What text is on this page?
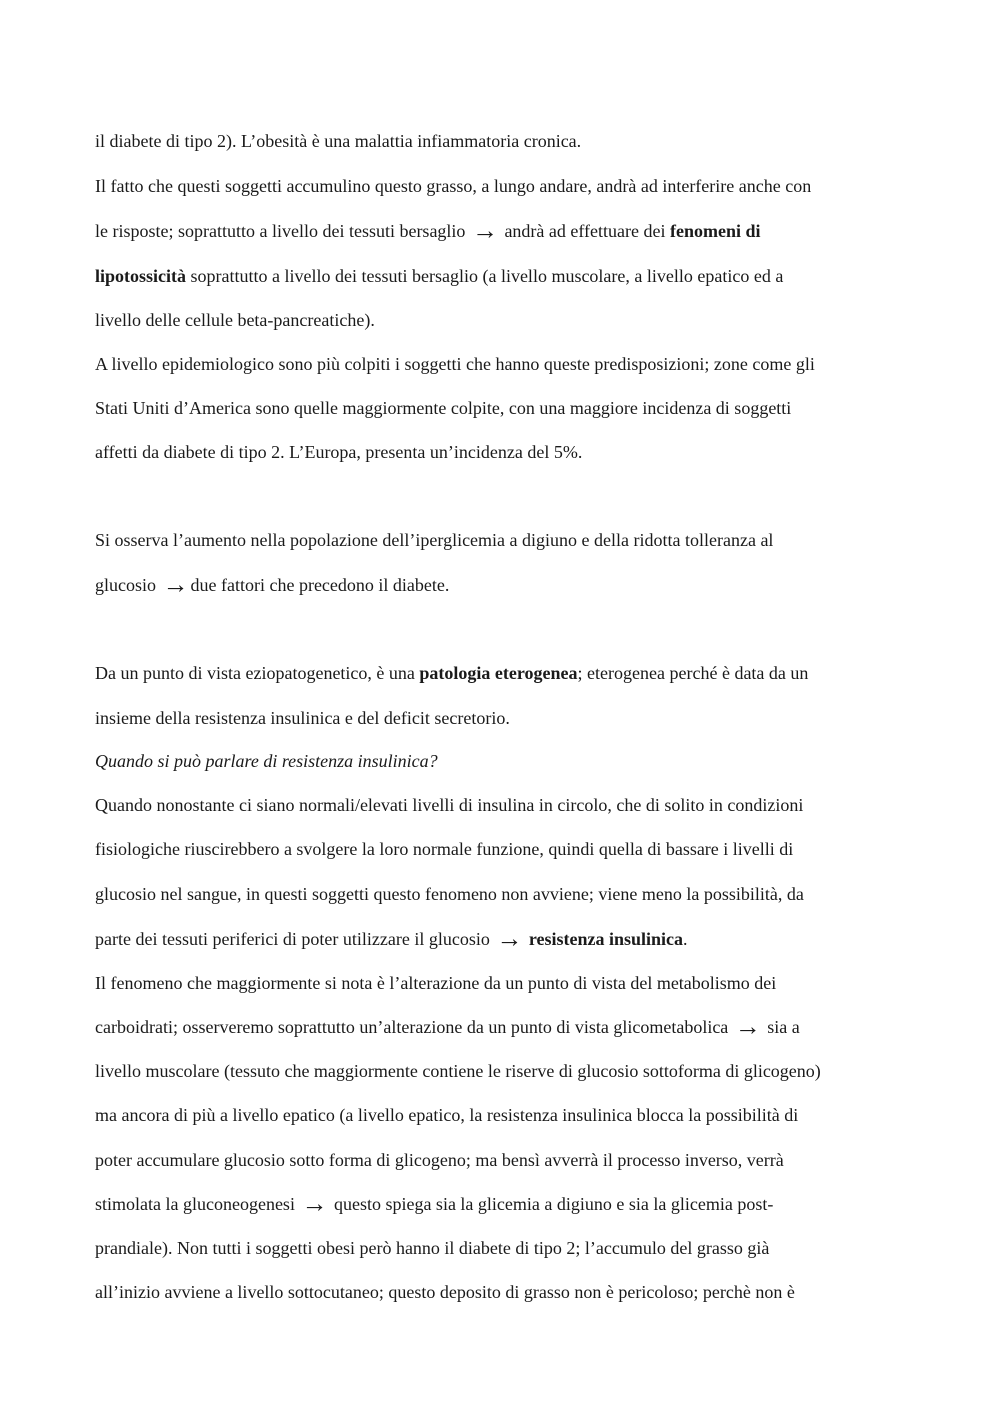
il diabete di tipo 2). L’obesità è una malattia infiammatoria cronica.
Il fatto che questi soggetti accumulino questo grasso, a lungo andare, andrà ad interferire anche con
le risposte; soprattutto a livello dei tessuti bersaglio → andrà ad effettuare dei fenomeni di
lipotossicità soprattutto a livello dei tessuti bersaglio (a livello muscolare, a livello epatico ed a
livello delle cellule beta-pancreatiche).
A livello epidemiologico sono più colpiti i soggetti che hanno queste predisposizioni; zone come gli
Stati Uniti d’America sono quelle maggiormente colpite, con una maggiore incidenza di soggetti
affetti da diabete di tipo 2. L’Europa, presenta un’incidenza del 5%.
Si osserva l’aumento nella popolazione dell’iperglicemia a digiuno e della ridotta tolleranza al
glucosio → due fattori che precedono il diabete.
Da un punto di vista eziopatogenetico, è una patologia eterogenea; eterogenea perché è data da un
insieme della resistenza insulinica e del deficit secretorio.
Quando si può parlare di resistenza insulinica?
Quando nonostante ci siano normali/elevati livelli di insulina in circolo, che di solito in condizioni
fisiologiche riuscirebbero a svolgere la loro normale funzione, quindi quella di bassare i livelli di
glucosio nel sangue, in questi soggetti questo fenomeno non avviene; viene meno la possibilità, da
parte dei tessuti periferici di poter utilizzare il glucosio → resistenza insulinica.
Il fenomeno che maggiormente si nota è l’alterazione da un punto di vista del metabolismo dei
carboidrati; osserveremo soprattutto un’alterazione da un punto di vista glicometabolica → sia a
livello muscolare (tessuto che maggiormente contiene le riserve di glucosio sottoforma di glicogeno)
ma ancora di più a livello epatico (a livello epatico, la resistenza insulinica blocca la possibilità di
poter accumulare glucosio sotto forma di glicogeno; ma bensì avverrà il processo inverso, verrà
stimolata la gluconeogenesi → questo spiega sia la glicemia a digiuno e sia la glicemia post-
prandiale). Non tutti i soggetti obesi però hanno il diabete di tipo 2; l’accumulo del grasso già
all’inizio avviene a livello sottocutaneo; questo deposito di grasso non è pericoloso; perchè non è
